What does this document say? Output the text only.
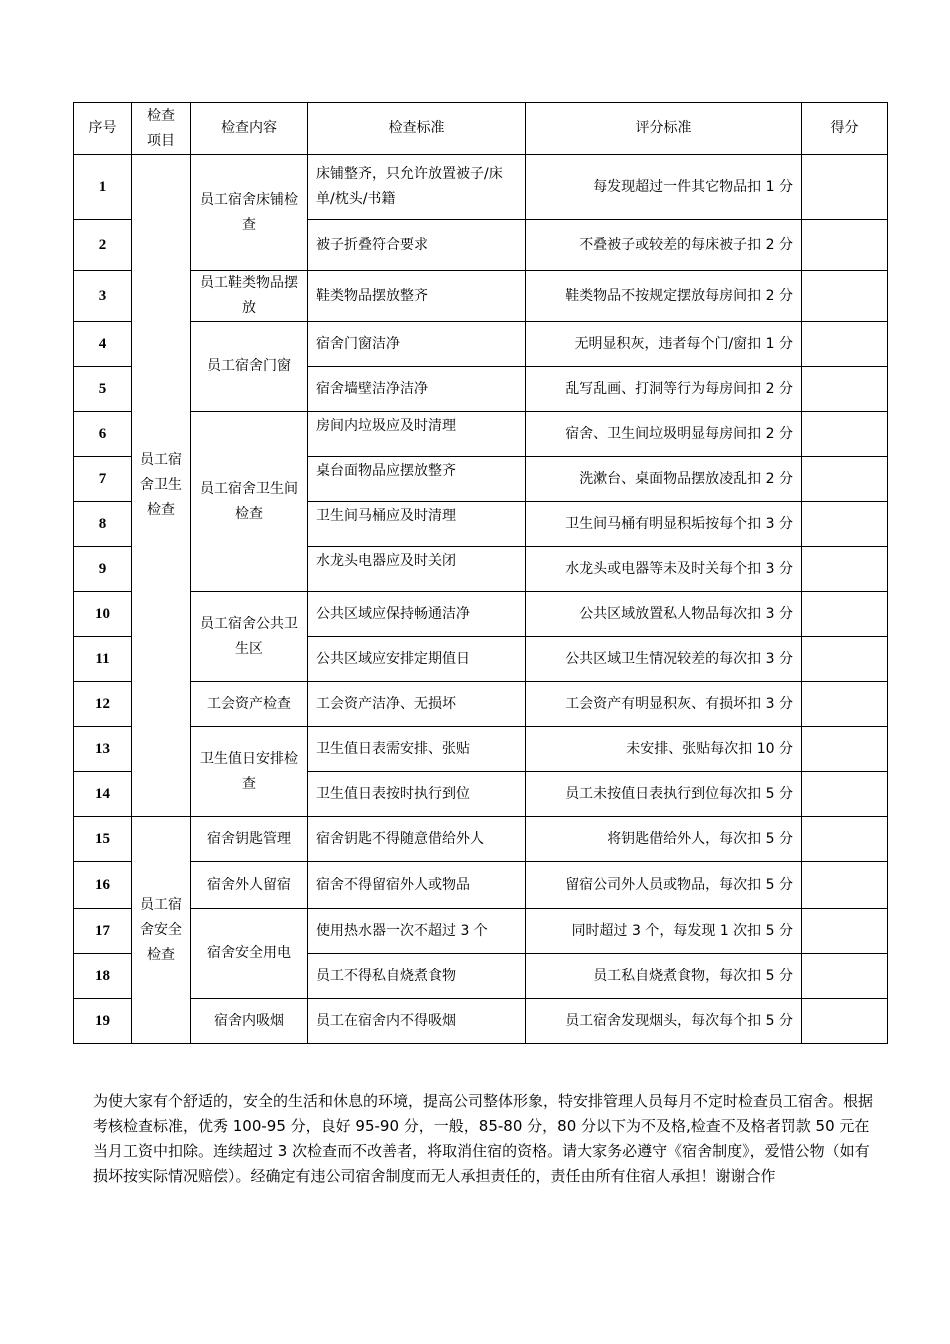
序号	检查项目	检查内容	检查标准	评分标准	得分
1	员工宿舍卫生检查	员工宿舍床铺检查	床铺整齐，只允许放置被子/床单/枕头/书籍	每发现超过一件其它物品扣 1 分	
2			被子折叠符合要求	不叠被子或较差的每床被子扣 2 分	
3		员工鞋类物品摆放	鞋类物品摆放整齐	鞋类物品不按规定摆放每房间扣 2 分	
4		员工宿舍门窗	宿舍门窗洁净	无明显积灰，违者每个门/窗扣 1 分	
5			宿舍墙壁洁净洁净	乱写乱画、打洞等行为每房间扣 2 分	
6		员工宿舍卫生间检查	房间内垃圾应及时清理	宿舍、卫生间垃圾明显每房间扣 2 分	
7			桌台面物品应摆放整齐	洗漱台、桌面物品摆放凌乱扣 2 分	
8			卫生间马桶应及时清理	卫生间马桶有明显积垢按每个扣 3 分	
9			水龙头电器应及时关闭	水龙头或电器等未及时关每个扣 3 分	
10		员工宿舍公共卫生区	公共区域应保持畅通洁净	公共区域放置私人物品每次扣 3 分	
11			公共区域应安排定期值日	公共区域卫生情况较差的每次扣 3 分	
12		工会资产检查	工会资产洁净、无损坏	工会资产有明显积灰、有损坏扣 3 分	
13		卫生值日安排检查	卫生值日表需安排、张贴	未安排、张贴每次扣 10 分	
14			卫生值日表按时执行到位	员工未按值日表执行到位每次扣 5 分	
15	员工宿舍安全检查	宿舍钥匙管理	宿舍钥匙不得随意借给外人	将钥匙借给外人，每次扣 5 分	
16		宿舍外人留宿	宿舍不得留宿外人或物品	留宿公司外人员或物品，每次扣 5 分	
17		宿舍安全用电	使用热水器一次不超过 3 个	同时超过 3 个，每发现 1 次扣 5 分	
18			员工不得私自烧煮食物	员工私自烧煮食物，每次扣 5 分	
19		宿舍内吸烟	员工在宿舍内不得吸烟	员工宿舍发现烟头，每次每个扣 5 分	

为使大家有个舒适的，安全的生活和休息的环境，提高公司整体形象，特安排管理人员每月不定时检查员工宿舍。根据考核检查标准，优秀 100-95 分，良好 95-90 分，一般，85-80 分，80 分以下为不及格,检查不及格者罚款 50 元在当月工资中扣除。连续超过 3 次检查而不改善者，将取消住宿的资格。请大家务必遵守《宿舍制度》，爱惜公物（如有损坏按实际情况赔偿）。经确定有违公司宿舍制度而无人承担责任的，责任由所有住宿人承担！谢谢合作
